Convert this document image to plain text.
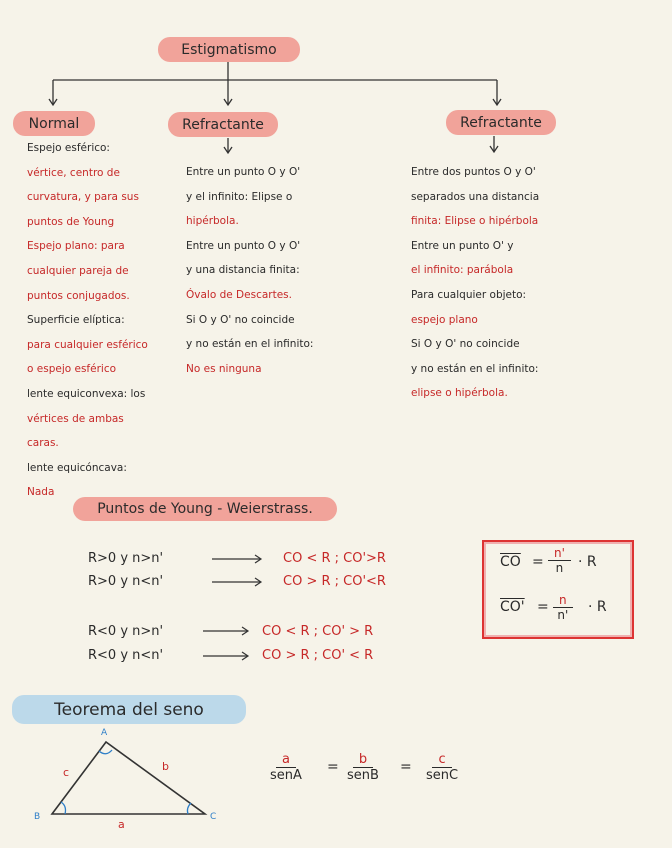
Estigmatismo
Normal	Refractante	Refractante
Espejo esférico:
vértice, centro de
curvatura, y para sus
puntos de Young
Espejo plano: para
cualquier pareja de
puntos conjugados.
Superficie elíptica:
para cualquier esférico
o espejo esférico
lente equiconvexa: los
vértices de ambas
caras.
lente equicóncava:
Nada
Entre un punto O y O'
y el infinito: Elipse o
hipérbola.
Entre un punto O y O'
y una distancia finita:
Óvalo de Descartes.
Si O y O' no coincide
y no están en el infinito:
No es ninguna
Entre dos puntos O y O'
separados una distancia
finita: Elipse o hipérbola
Entre un punto O' y
el infinito: parábola
Para cualquier objeto:
espejo plano
Si O y O' no coincide
y no están en el infinito:
elipse o hipérbola.
Puntos de Young - Weierstrass.
R>0 y n>n'	CO < R ; CO'>R
R>0 y n<n'	CO > R ; CO'<R
R<0 y n>n'	CO < R ; CO' > R
R<0 y n<n'	CO > R ; CO' < R
$\overline{CO} = \frac{n'}{n} \cdot R$
$CO' = \frac{n}{n'} \cdot R$
Teorema del seno
A
B	C
a
b
c
a
senA
=	b
senB
=	c
senC
